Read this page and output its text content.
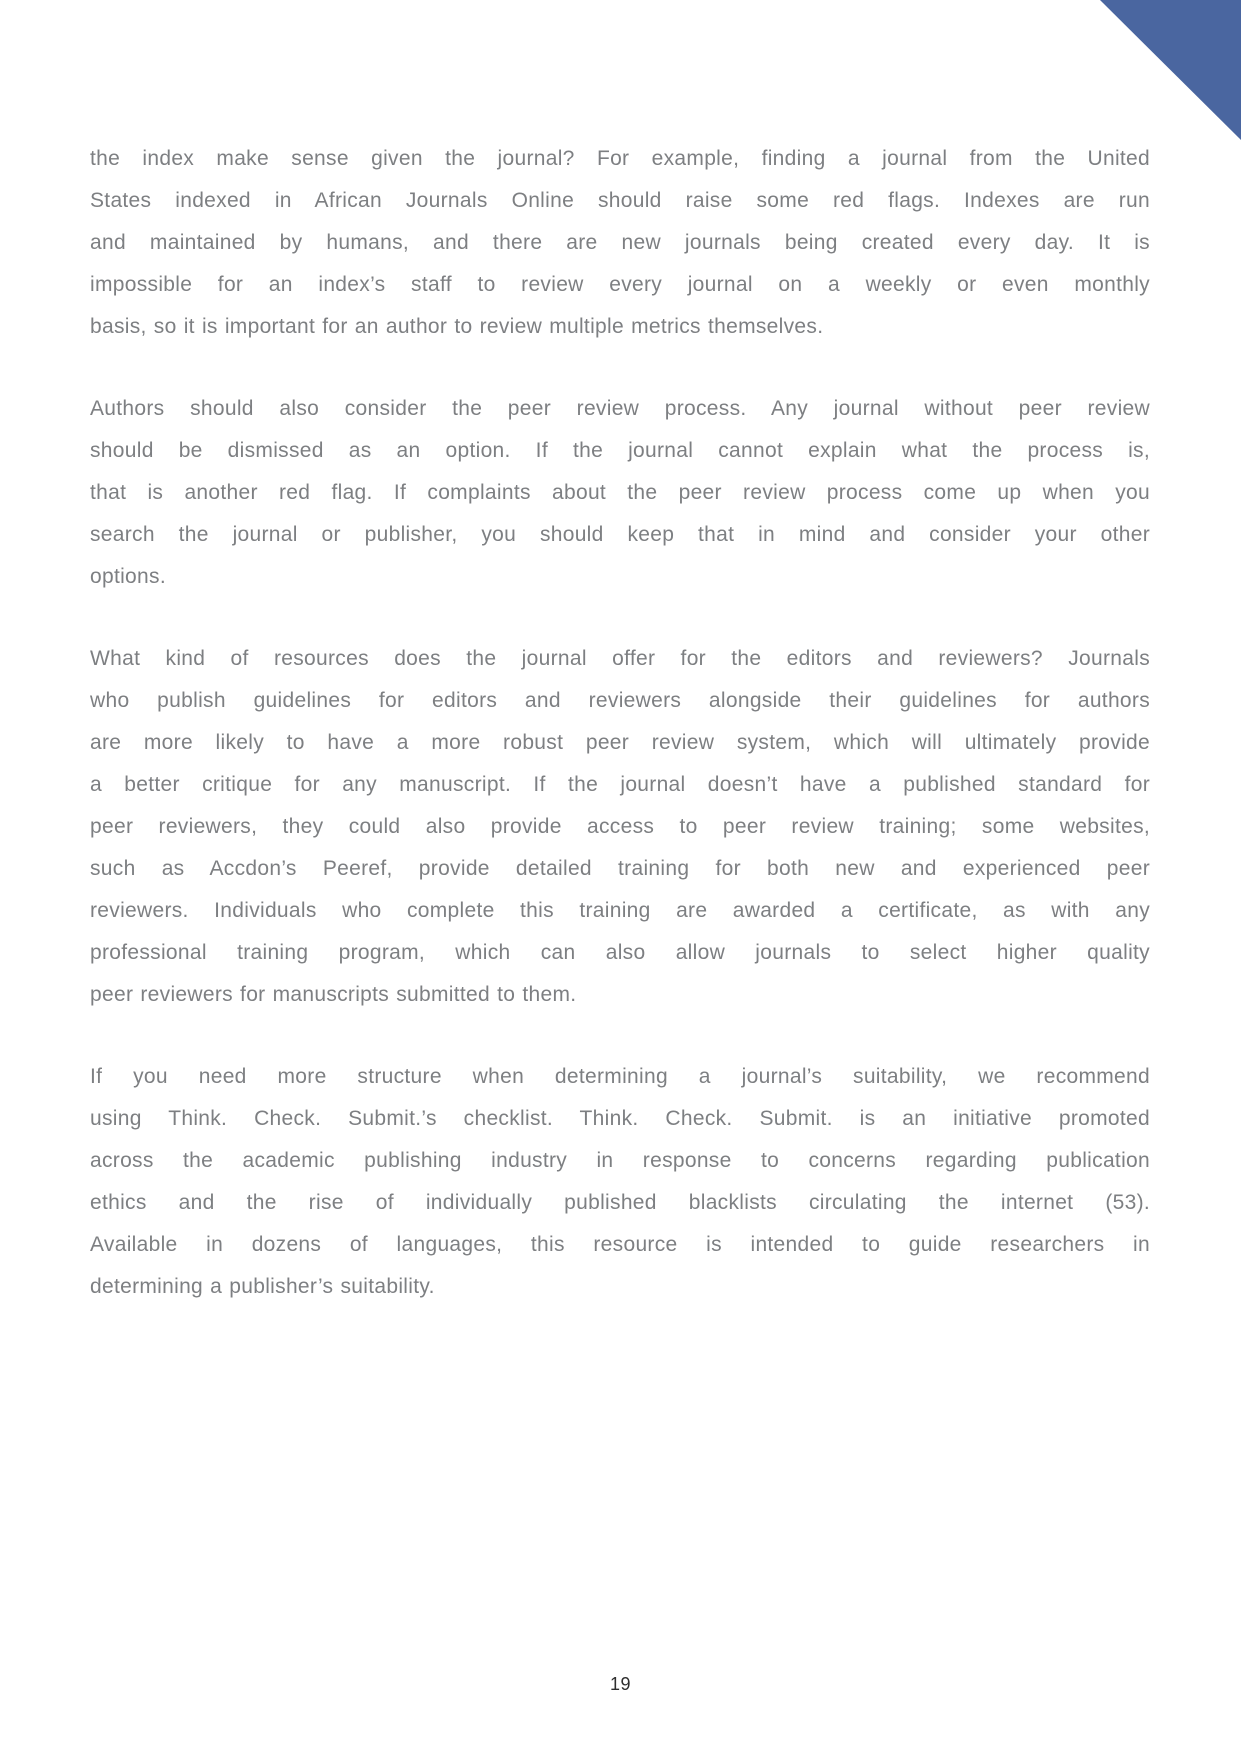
the index make sense given the journal? For example, finding a journal from the United
States indexed in African Journals Online should raise some red flags. Indexes are run
and maintained by humans, and there are new journals being created every day. It is
impossible for an index’s staff to review every journal on a weekly or even monthly
basis, so it is important for an author to review multiple metrics themselves.

Authors should also consider the peer review process. Any journal without peer review
should be dismissed as an option. If the journal cannot explain what the process is,
that is another red flag. If complaints about the peer review process come up when you
search the journal or publisher, you should keep that in mind and consider your other
options.

What kind of resources does the journal offer for the editors and reviewers? Journals
who publish guidelines for editors and reviewers alongside their guidelines for authors
are more likely to have a more robust peer review system, which will ultimately provide
a better critique for any manuscript. If the journal doesn’t have a published standard for
peer reviewers, they could also provide access to peer review training; some websites,
such as Accdon’s Peeref, provide detailed training for both new and experienced peer
reviewers. Individuals who complete this training are awarded a certificate, as with any
professional training program, which can also allow journals to select higher quality
peer reviewers for manuscripts submitted to them.

If you need more structure when determining a journal’s suitability, we recommend
using Think. Check. Submit.’s checklist. Think. Check. Submit. is an initiative promoted
across the academic publishing industry in response to concerns regarding publication
ethics and the rise of individually published blacklists circulating the internet (53).
Available in dozens of languages, this resource is intended to guide researchers in
determining a publisher’s suitability.

19
